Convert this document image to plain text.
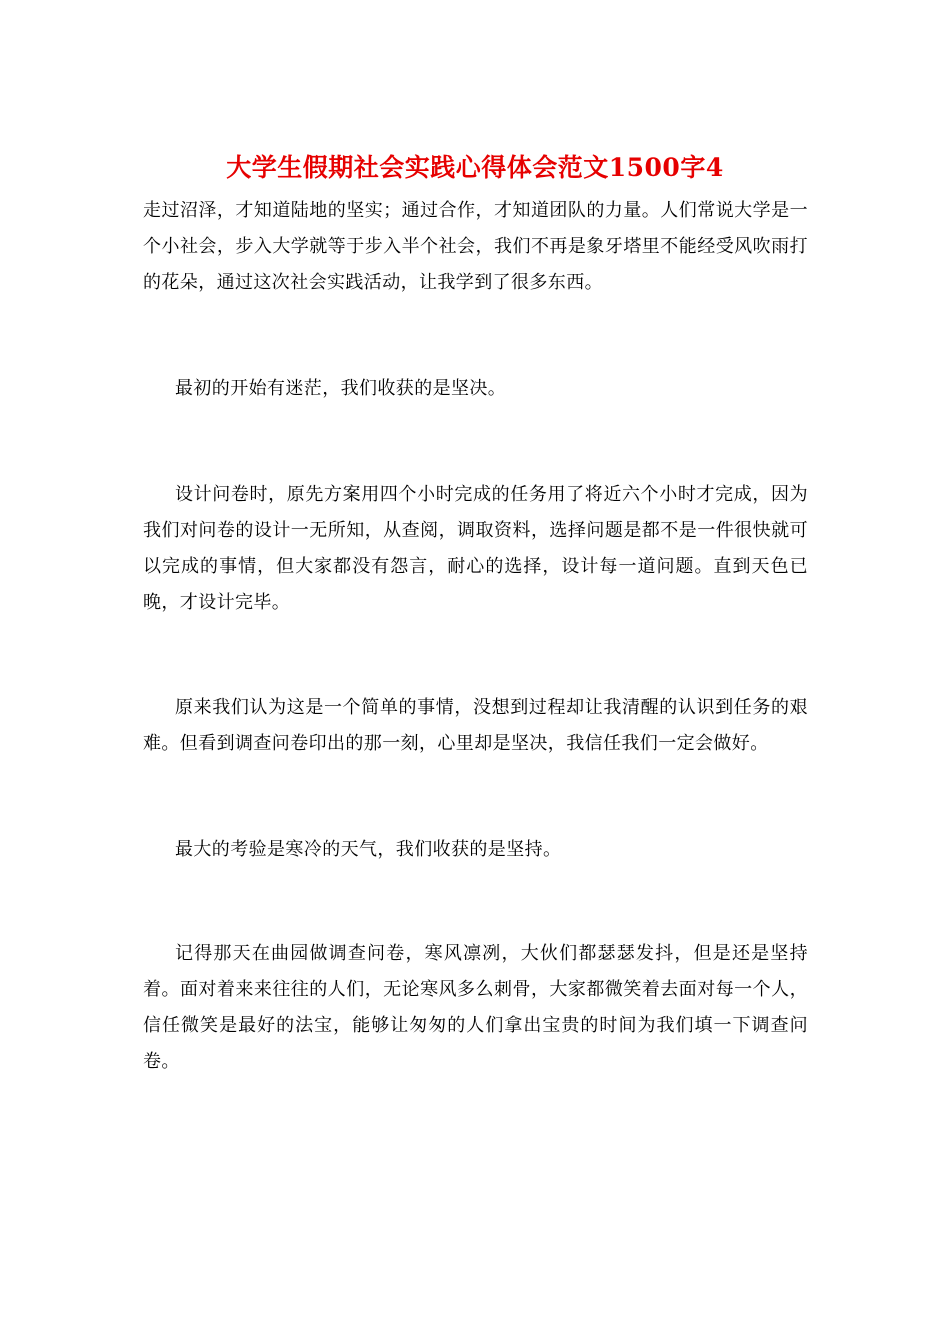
大学生假期社会实践心得体会范文1500字4

走过沼泽，才知道陆地的坚实；通过合作，才知道团队的力量。人们常说大学是一个小社会，步入大学就等于步入半个社会，我们不再是象牙塔里不能经受风吹雨打的花朵，通过这次社会实践活动，让我学到了很多东西。

最初的开始有迷茫，我们收获的是坚决。

设计问卷时，原先方案用四个小时完成的任务用了将近六个小时才完成，因为我们对问卷的设计一无所知，从查阅，调取资料，选择问题是都不是一件很快就可以完成的事情，但大家都没有怨言，耐心的选择，设计每一道问题。直到天色已晚，才设计完毕。

原来我们认为这是一个简单的事情，没想到过程却让我清醒的认识到任务的艰难。但看到调查问卷印出的那一刻，心里却是坚决，我信任我们一定会做好。

最大的考验是寒冷的天气，我们收获的是坚持。

记得那天在曲园做调查问卷，寒风凛冽，大伙们都瑟瑟发抖，但是还是坚持着。面对着来来往往的人们，无论寒风多么刺骨，大家都微笑着去面对每一个人，信任微笑是最好的法宝，能够让匆匆的人们拿出宝贵的时间为我们填一下调查问卷。
